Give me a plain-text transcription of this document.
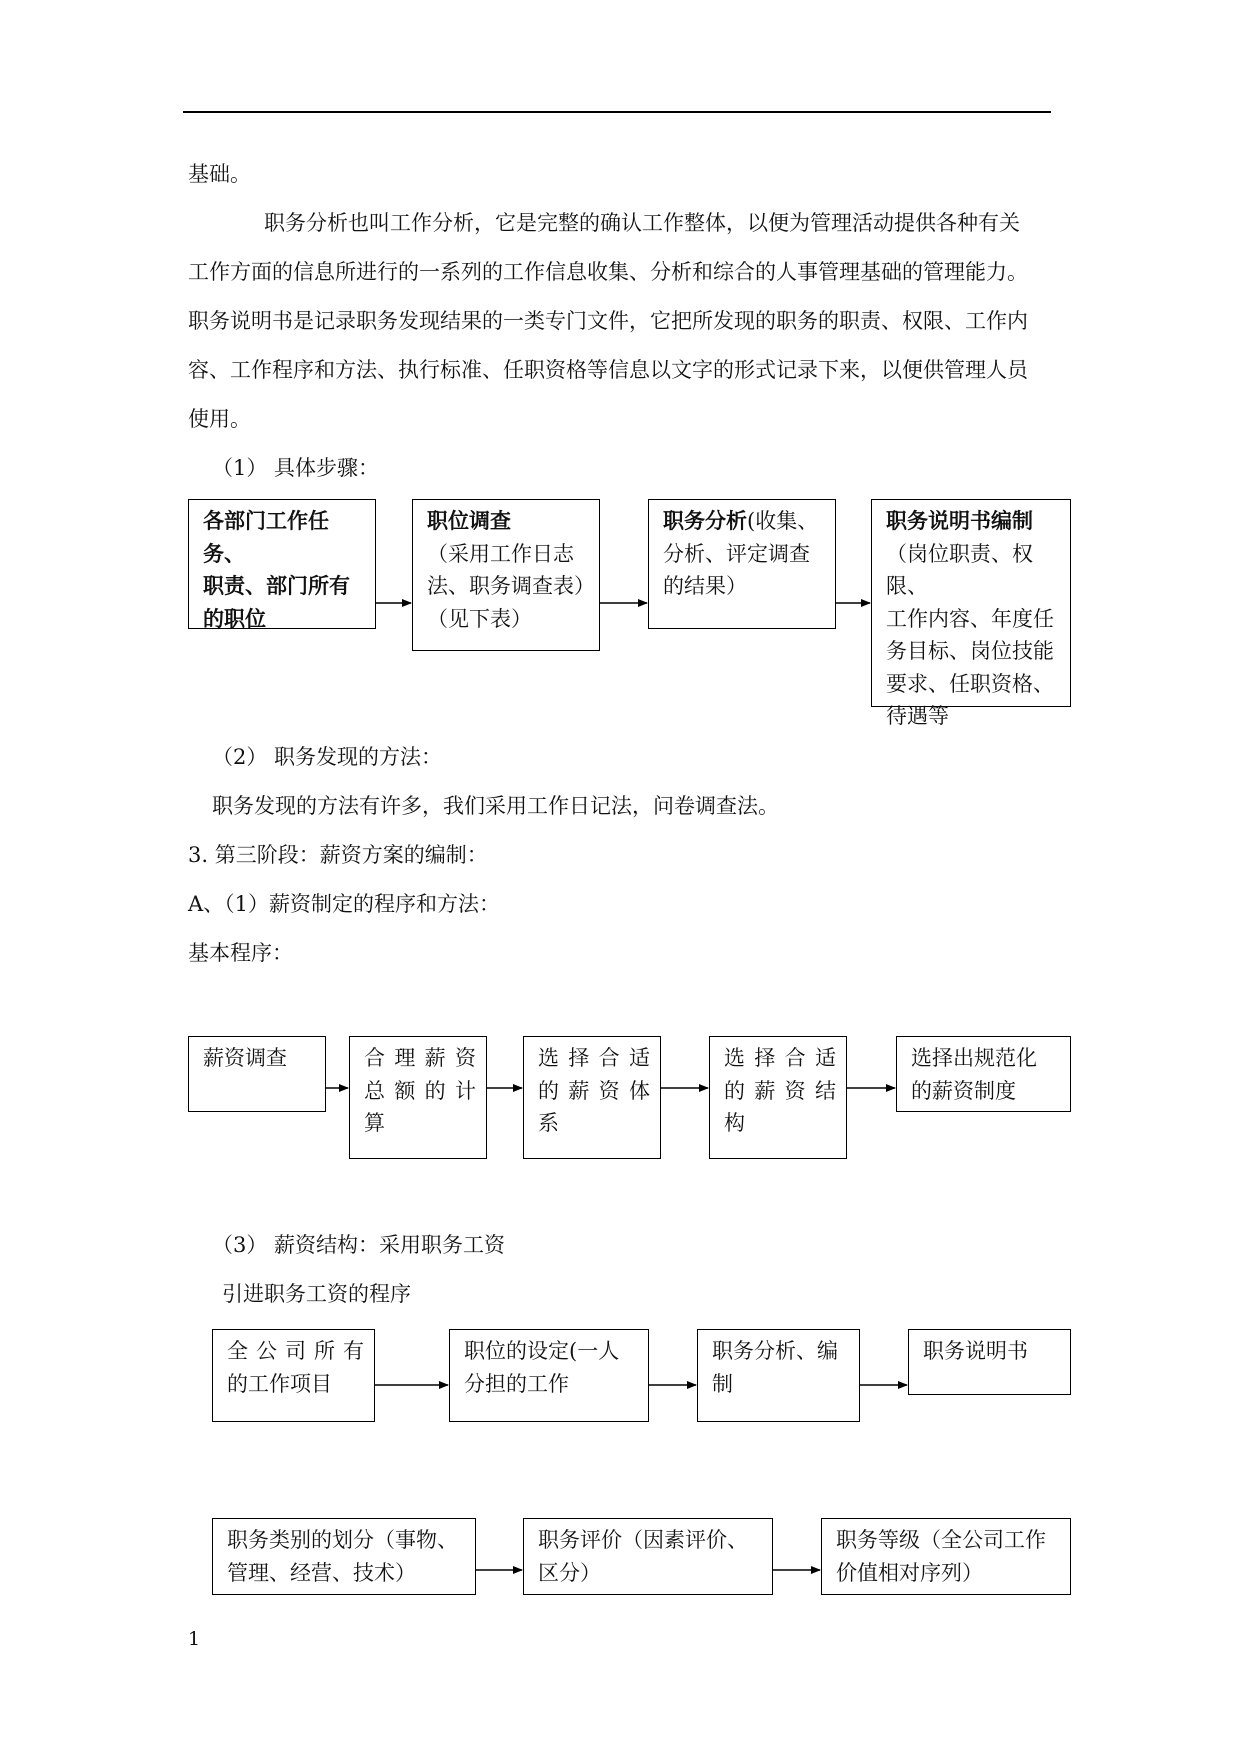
基础。
职务分析也叫工作分析，它是完整的确认工作整体，以便为管理活动提供各种有关
工作方面的信息所进行的一系列的工作信息收集、分析和综合的人事管理基础的管理能力。
职务说明书是记录职务发现结果的一类专门文件，它把所发现的职务的职责、权限、工作内
容、工作程序和方法、执行标准、任职资格等信息以文字的形式记录下来，以便供管理人员
使用。
（1） 具体步骤：
各部门工作任务、
职责、部门所有
的职位
职位调查

（采用工作日志

法、职务调查表）

（见下表）

职务分析(收集、

分析、评定调查

的结果）

职务说明书编制

（岗位职责、权限、

工作内容、年度任

务目标、岗位技能

要求、任职资格、

待遇等

（2） 职务发现的方法：
职务发现的方法有许多，我们采用工作日记法，问卷调查法。
3. 第三阶段：薪资方案的编制：
A、（1）薪资制定的程序和方法：
基本程序：

薪资调查	合理薪资

总额的计

算

选择合适

的薪资体

系

选择合适

的薪资结

构

选择出规范化

的薪资制度

（3） 薪资结构：采用职务工资
引进职务工资的程序

全公司所有

的工作项目

职位的设定(一人

分担的工作

职务分析、编

制

职务说明书

职务类别的划分（事物、

管理、经营、技术）

职务评价（因素评价、

区分）

职务等级（全公司工作

价值相对序列）

1
